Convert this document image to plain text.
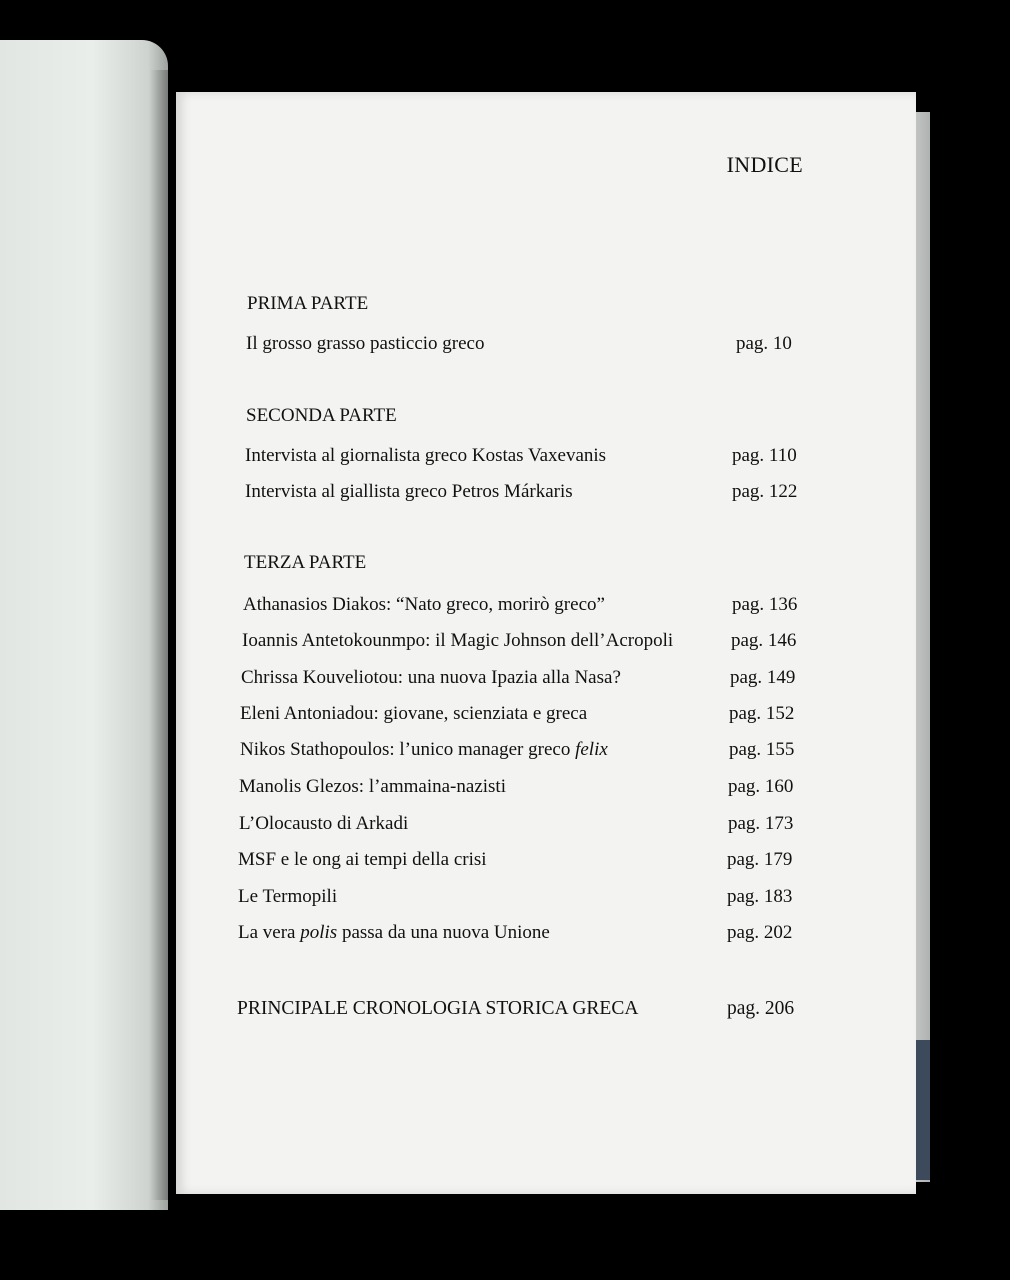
INDICE
PRIMA PARTE
Il grosso grasso pasticcio greco	pag. 10
SECONDA PARTE
Intervista al giornalista greco Kostas Vaxevanis	pag. 110
Intervista al giallista greco Petros Márkaris	pag. 122
TERZA PARTE
Athanasios Diakos: “Nato greco, morirò greco”	pag. 136
Ioannis Antetokounmpo: il Magic Johnson dell’Acropoli	pag. 146
Chrissa Kouveliotou: una nuova Ipazia alla Nasa?	pag. 149
Eleni Antoniadou: giovane, scienziata e greca	pag. 152
Nikos Stathopoulos: l’unico manager greco felix	pag. 155
Manolis Glezos: l’ammaina-nazisti	pag. 160
L’Olocausto di Arkadi	pag. 173
MSF e le ong ai tempi della crisi	pag. 179
Le Termopili	pag. 183
La vera polis passa da una nuova Unione	pag. 202
PRINCIPALE CRONOLOGIA STORICA GRECA	pag. 206
